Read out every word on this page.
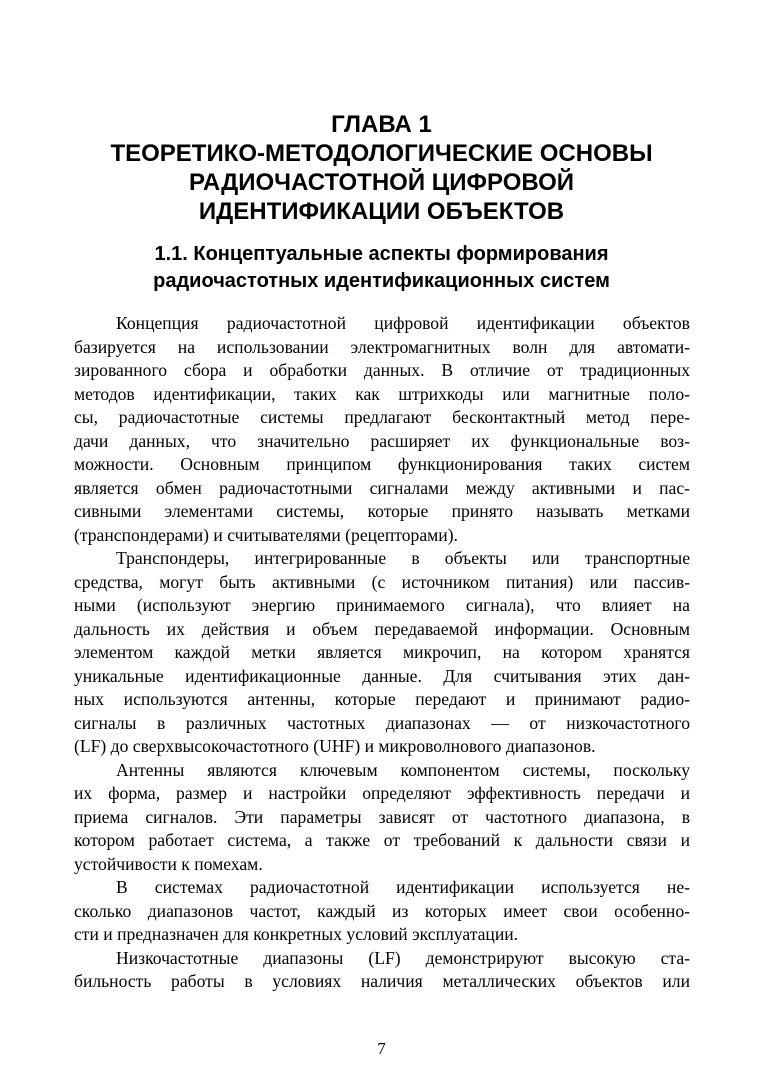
ГЛАВА 1
ТЕОРЕТИКО-МЕТОДОЛОГИЧЕСКИЕ ОСНОВЫ
РАДИОЧАСТОТНОЙ ЦИФРОВОЙ
ИДЕНТИФИКАЦИИ ОБЪЕКТОВ
1.1. Концептуальные аспекты формирования
радиочастотных идентификационных систем
Концепция радиочастотной цифровой идентификации объектов
базируется на использовании электромагнитных волн для автомати-
зированного сбора и обработки данных. В отличие от традиционных
методов идентификации, таких как штрихкоды или магнитные поло-
сы, радиочастотные системы предлагают бесконтактный метод пере-
дачи данных, что значительно расширяет их функциональные воз-
можности. Основным принципом функционирования таких систем
является обмен радиочастотными сигналами между активными и пас-
сивными элементами системы, которые принято называть метками
(транспондерами) и считывателями (рецепторами).
Транспондеры, интегрированные в объекты или транспортные
средства, могут быть активными (с источником питания) или пассив-
ными (используют энергию принимаемого сигнала), что влияет на
дальность их действия и объем передаваемой информации. Основным
элементом каждой метки является микрочип, на котором хранятся
уникальные идентификационные данные. Для считывания этих дан-
ных используются антенны, которые передают и принимают радио-
сигналы в различных частотных диапазонах — от низкочастотного
(LF) до сверхвысокочастотного (UHF) и микроволнового диапазонов.
Антенны являются ключевым компонентом системы, поскольку
их форма, размер и настройки определяют эффективность передачи и
приема сигналов. Эти параметры зависят от частотного диапазона, в
котором работает система, а также от требований к дальности связи и
устойчивости к помехам.
В системах радиочастотной идентификации используется не-
сколько диапазонов частот, каждый из которых имеет свои особенно-
сти и предназначен для конкретных условий эксплуатации.
Низкочастотные диапазоны (LF) демонстрируют высокую ста-
бильность работы в условиях наличия металлических объектов или
7
